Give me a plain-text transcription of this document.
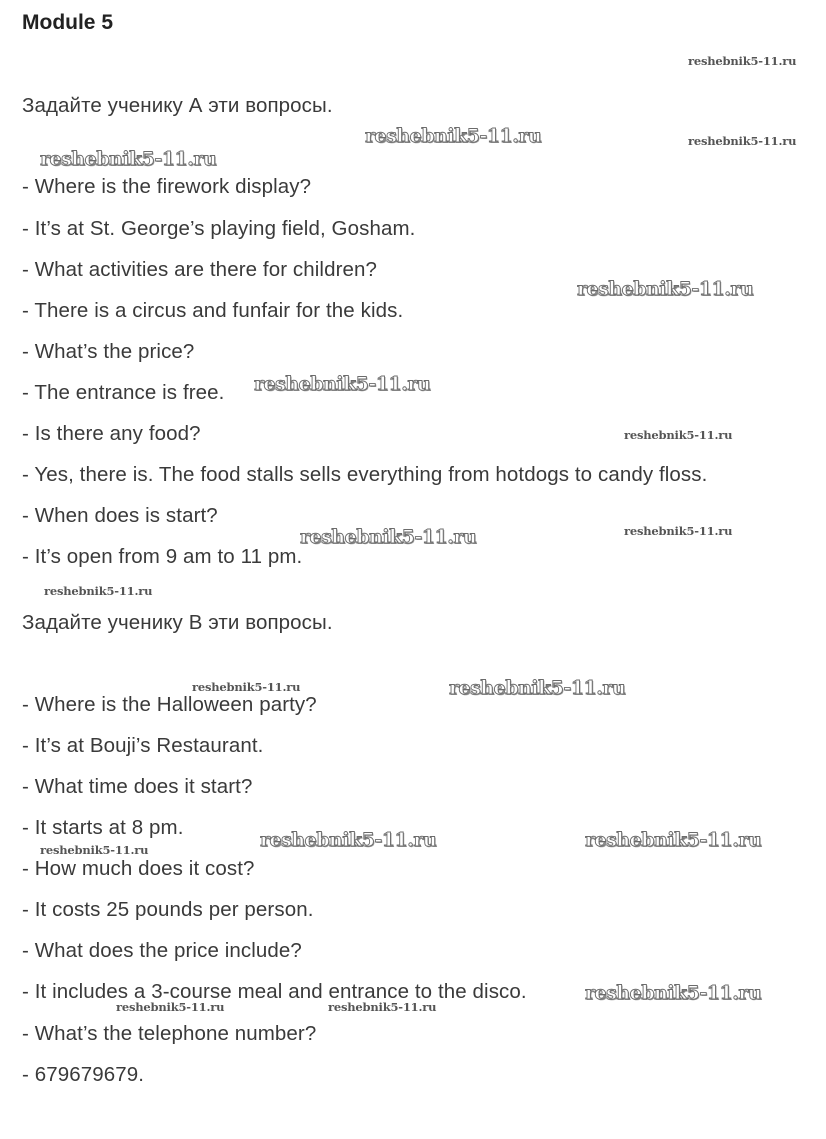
Module 5
Задайте ученику А эти вопросы.
- Where is the firework display?
- It’s at St. George’s playing field, Gosham.
- What activities are there for children?
- There is a circus and funfair for the kids.
- What’s the price?
- The entrance is free.
- Is there any food?
- Yes, there is. The food stalls sells everything from hotdogs to candy floss.
- When does is start?
- It’s open from 9 am to 11 pm.
Задайте ученику В эти вопросы.
- Where is the Halloween party?
- It’s at Bouji’s Restaurant.
- What time does it start?
- It starts at 8 pm.
- How much does it cost?
- It costs 25 pounds per person.
- What does the price include?
- It includes a 3-course meal and entrance to the disco.
- What’s the telephone number?
- 679679679.
reshebnik5-11.ru
reshebnik5-11.ru	reshebnik5-11.ru
reshebnik5-11.ru
reshebnik5-11.ru
reshebnik5-11.ru
reshebnik5-11.ru
reshebnik5-11.ru	reshebnik5-11.ru
reshebnik5-11.ru
reshebnik5-11.ru	reshebnik5-11.ru
reshebnik5-11.ru	reshebnik5-11.ru
reshebnik5-11.ru
reshebnik5-11.ru
reshebnik5-11.ru	reshebnik5-11.ru
